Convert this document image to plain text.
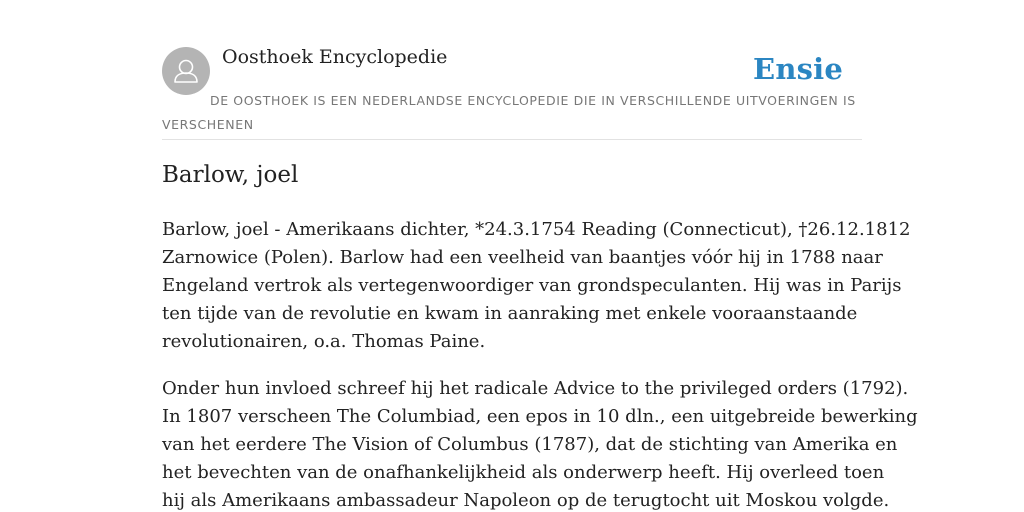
Oosthoek Encyclopedie	Ensie
DE OOSTHOEK IS EEN NEDERLANDSE ENCYCLOPEDIE DIE IN VERSCHILLENDE UITVOERINGEN IS VERSCHENEN
Barlow, joel

Barlow, joel - Amerikaans dichter, *24.3.1754 Reading (Connecticut), †26.12.1812
Zarnowice (Polen). Barlow had een veelheid van baantjes vóór hij in 1788 naar
Engeland vertrok als vertegenwoordiger van grondspeculanten. Hij was in Parijs
ten tijde van de revolutie en kwam in aanraking met enkele vooraanstaande
revolutionairen, o.a. Thomas Paine.

Onder hun invloed schreef hij het radicale Advice to the privileged orders (1792).
In 1807 verscheen The Columbiad, een epos in 10 dln., een uitgebreide bewerking
van het eerdere The Vision of Columbus (1787), dat de stichting van Amerika en
het bevechten van de onafhankelijkheid als onderwerp heeft. Hij overleed toen
hij als Amerikaans ambassadeur Napoleon op de terugtocht uit Moskou volgde.
